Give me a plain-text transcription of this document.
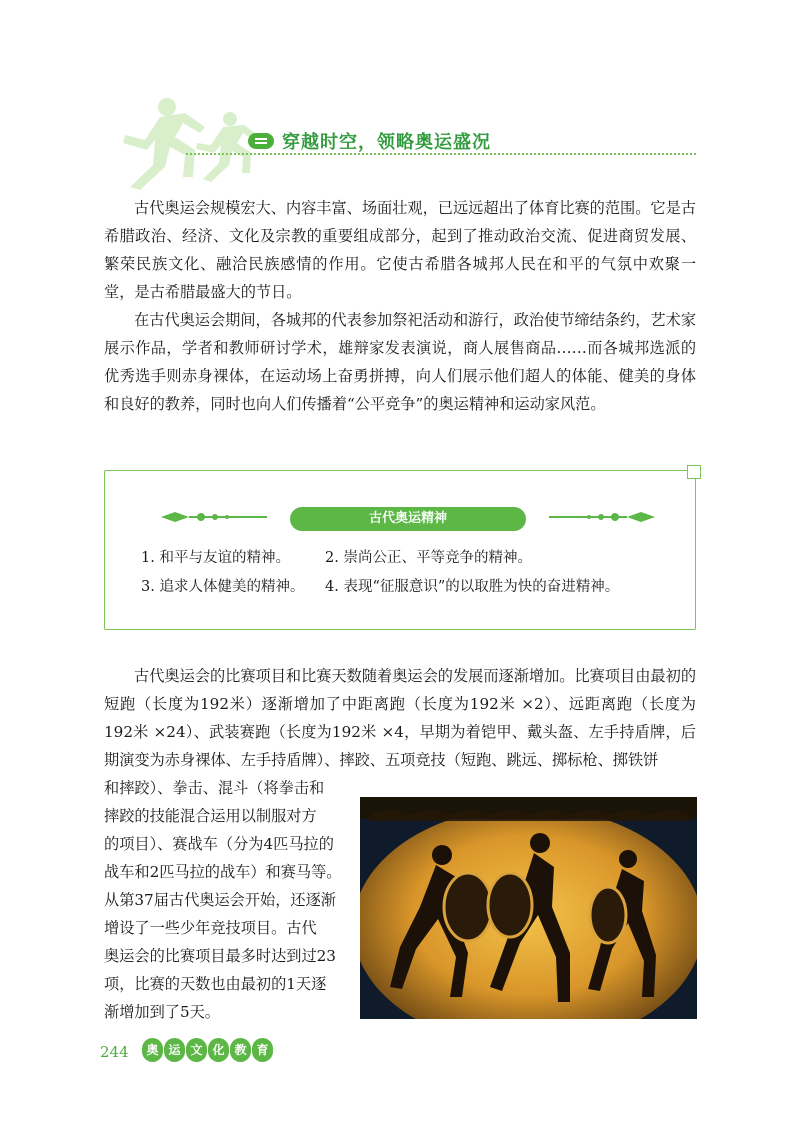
穿越时空，领略奥运盛况

古代奥运会规模宏大、内容丰富、场面壮观，已远远超出了体育比赛的范围。它是古希腊政治、经济、文化及宗教的重要组成部分，起到了推动政治交流、促进商贸发展、繁荣民族文化、融洽民族感情的作用。它使古希腊各城邦人民在和平的气氛中欢聚一堂，是古希腊最盛大的节日。

在古代奥运会期间，各城邦的代表参加祭祀活动和游行，政治使节缔结条约，艺术家展示作品，学者和教师研讨学术，雄辩家发表演说，商人展售商品……而各城邦选派的优秀选手则赤身裸体，在运动场上奋勇拼搏，向人们展示他们超人的体能、健美的身体和良好的教养，同时也向人们传播着“公平竞争”的奥运精神和运动家风范。

古代奥运精神
1. 和平与友谊的精神。 2. 崇尚公正、平等竞争的精神。
3. 追求人体健美的精神。 4. 表现“征服意识”的以取胜为快的奋进精神。

古代奥运会的比赛项目和比赛天数随着奥运会的发展而逐渐增加。比赛项目由最初的短跑（长度为192米）逐渐增加了中距离跑（长度为192米 ×2）、远距离跑（长度为192米 ×24）、武装赛跑（长度为192米 ×4，早期为着铠甲、戴头盔、左手持盾牌，后期演变为赤身裸体、左手持盾牌）、摔跤、五项竞技（短跑、跳远、掷标枪、掷铁饼

和摔跤）、拳击、混斗（将拳击和
摔跤的技能混合运用以制服对方
的项目）、赛战车（分为4匹马拉的
战车和2匹马拉的战车）和赛马等。
从第37届古代奥运会开始，还逐渐
增设了一些少年竞技项目。古代
奥运会的比赛项目最多时达到过23
项，比赛的天数也由最初的1天逐
渐增加到了5天。
244	奥 运 文 化 教 育
